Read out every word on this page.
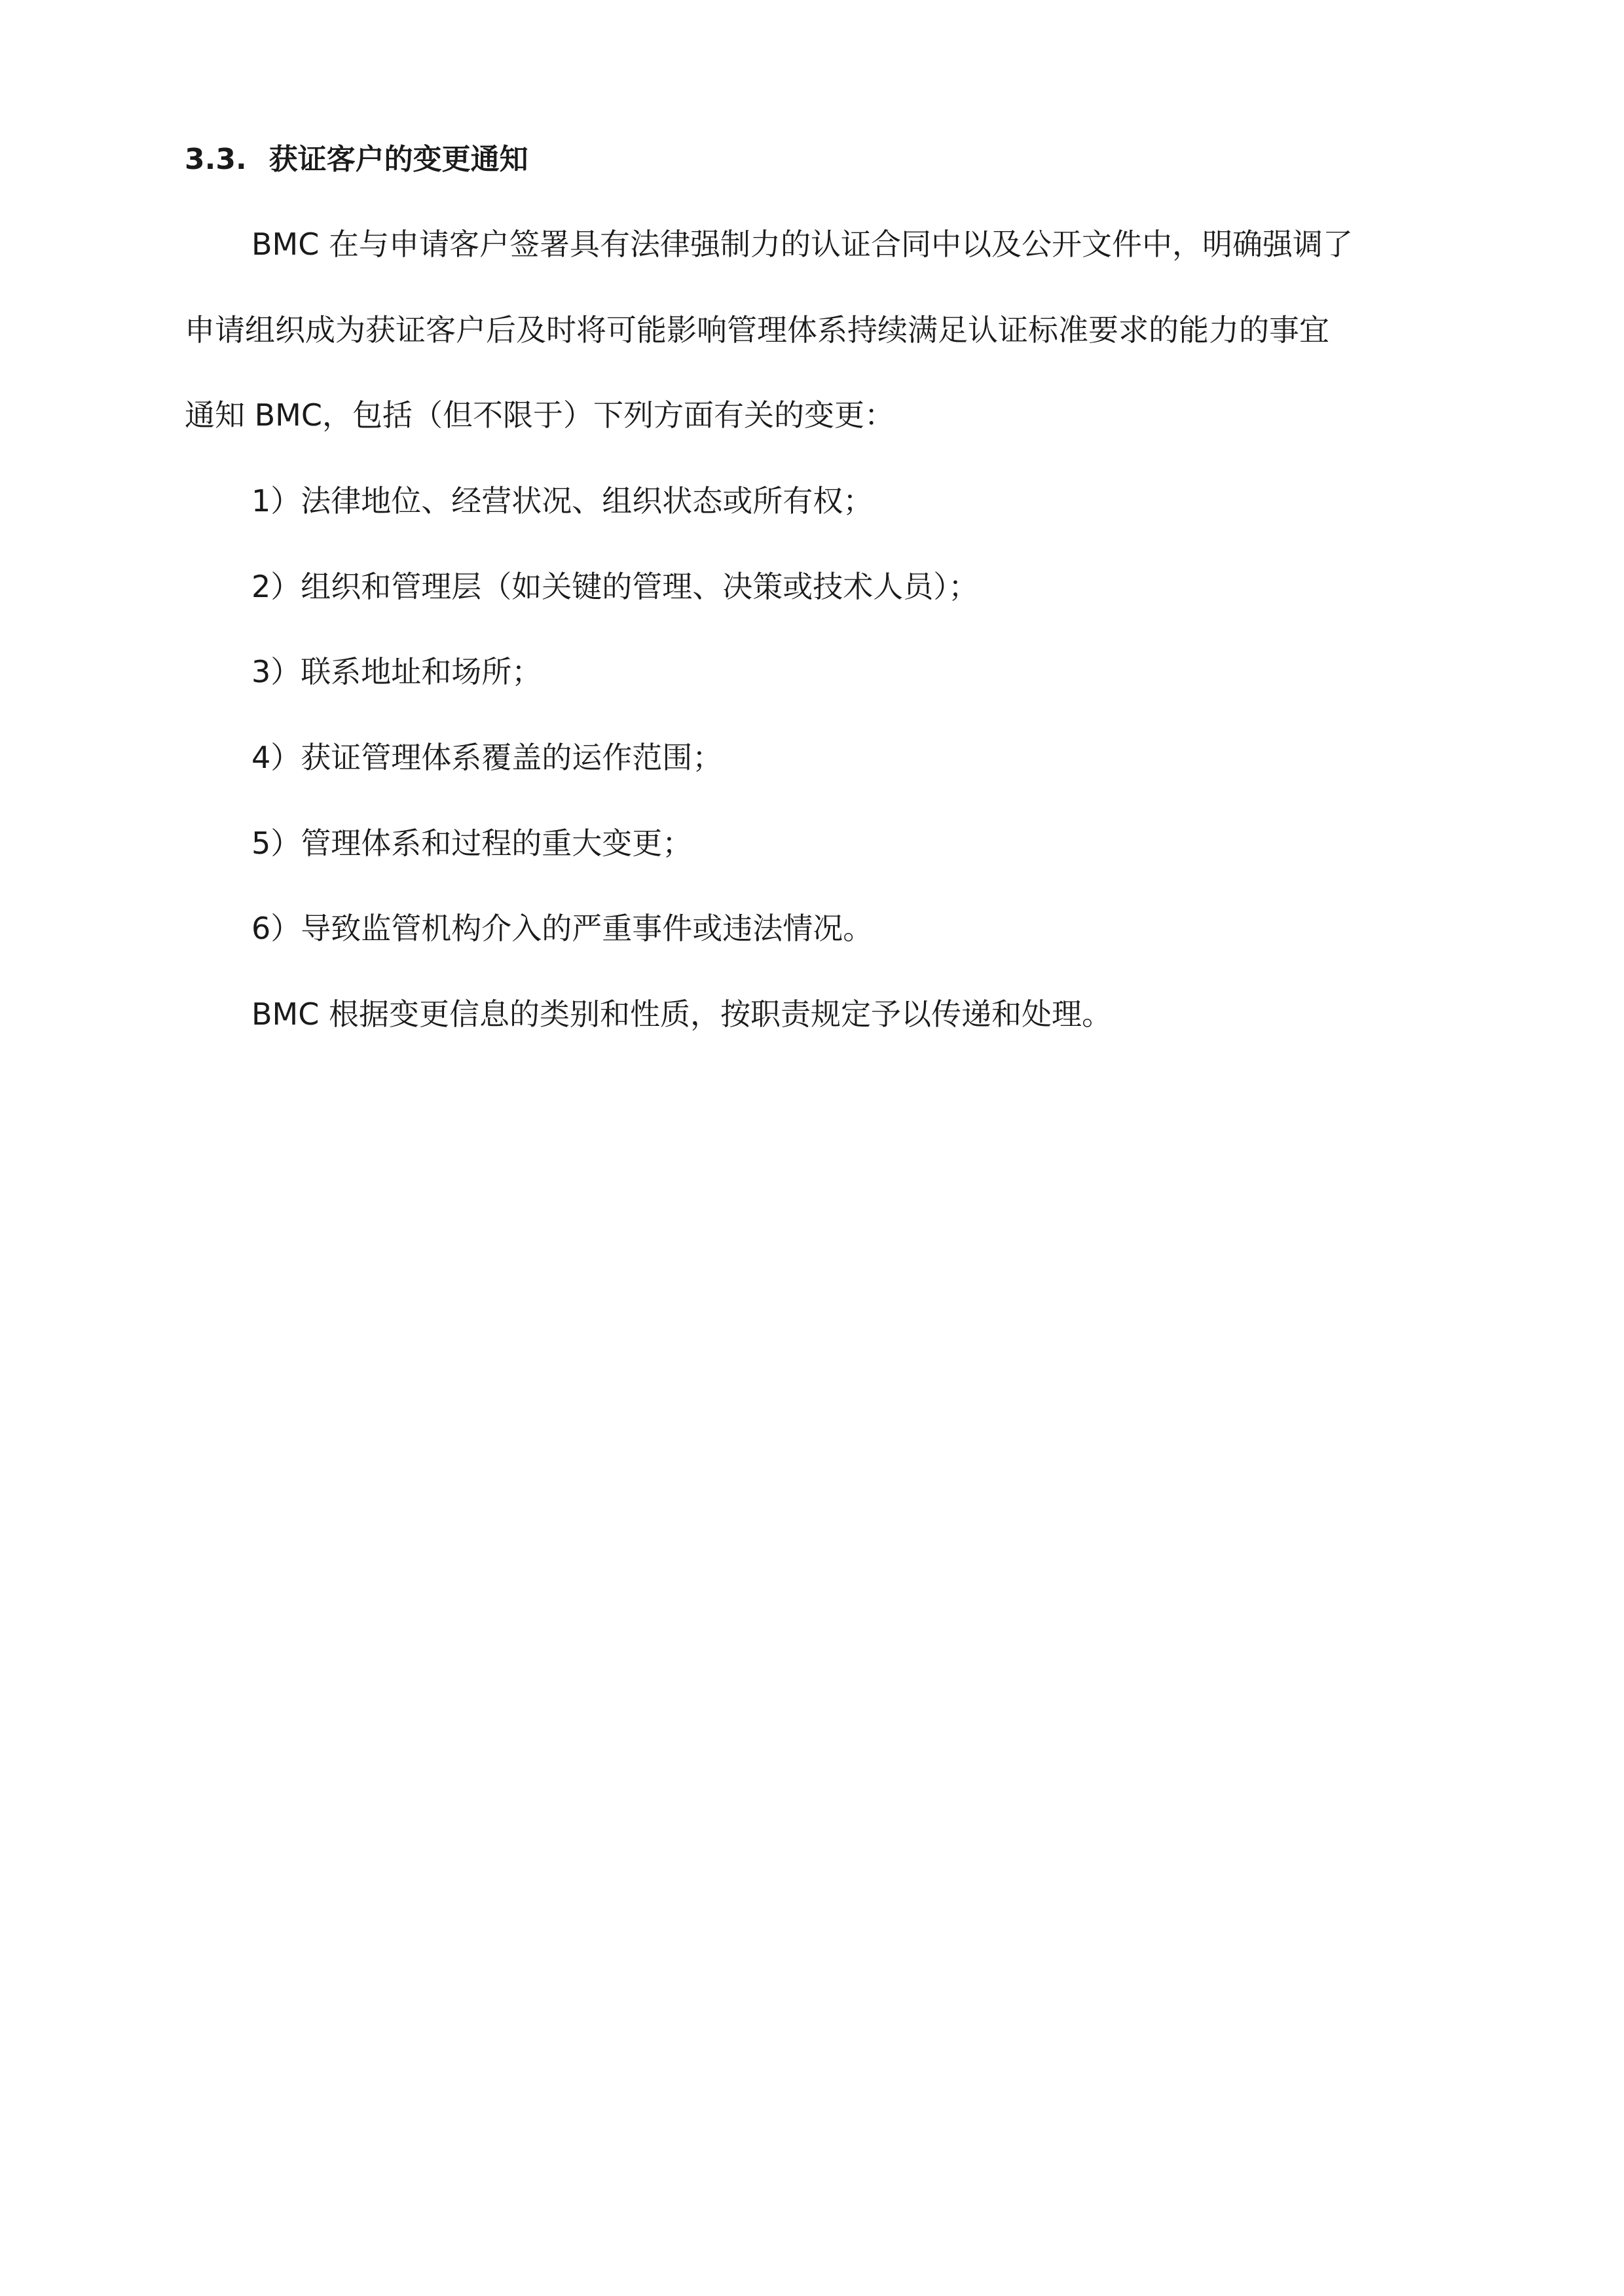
3.3. 获证客户的变更通知
BMC 在与申请客户签署具有法律强制力的认证合同中以及公开文件中，明确强调了
申请组织成为获证客户后及时将可能影响管理体系持续满足认证标准要求的能力的事宜
通知 BMC，包括（但不限于）下列方面有关的变更：
1）法律地位、经营状况、组织状态或所有权；
2）组织和管理层（如关键的管理、决策或技术人员）；
3）联系地址和场所；
4）获证管理体系覆盖的运作范围；
5）管理体系和过程的重大变更；
6）导致监管机构介入的严重事件或违法情况。
BMC 根据变更信息的类别和性质，按职责规定予以传递和处理。
